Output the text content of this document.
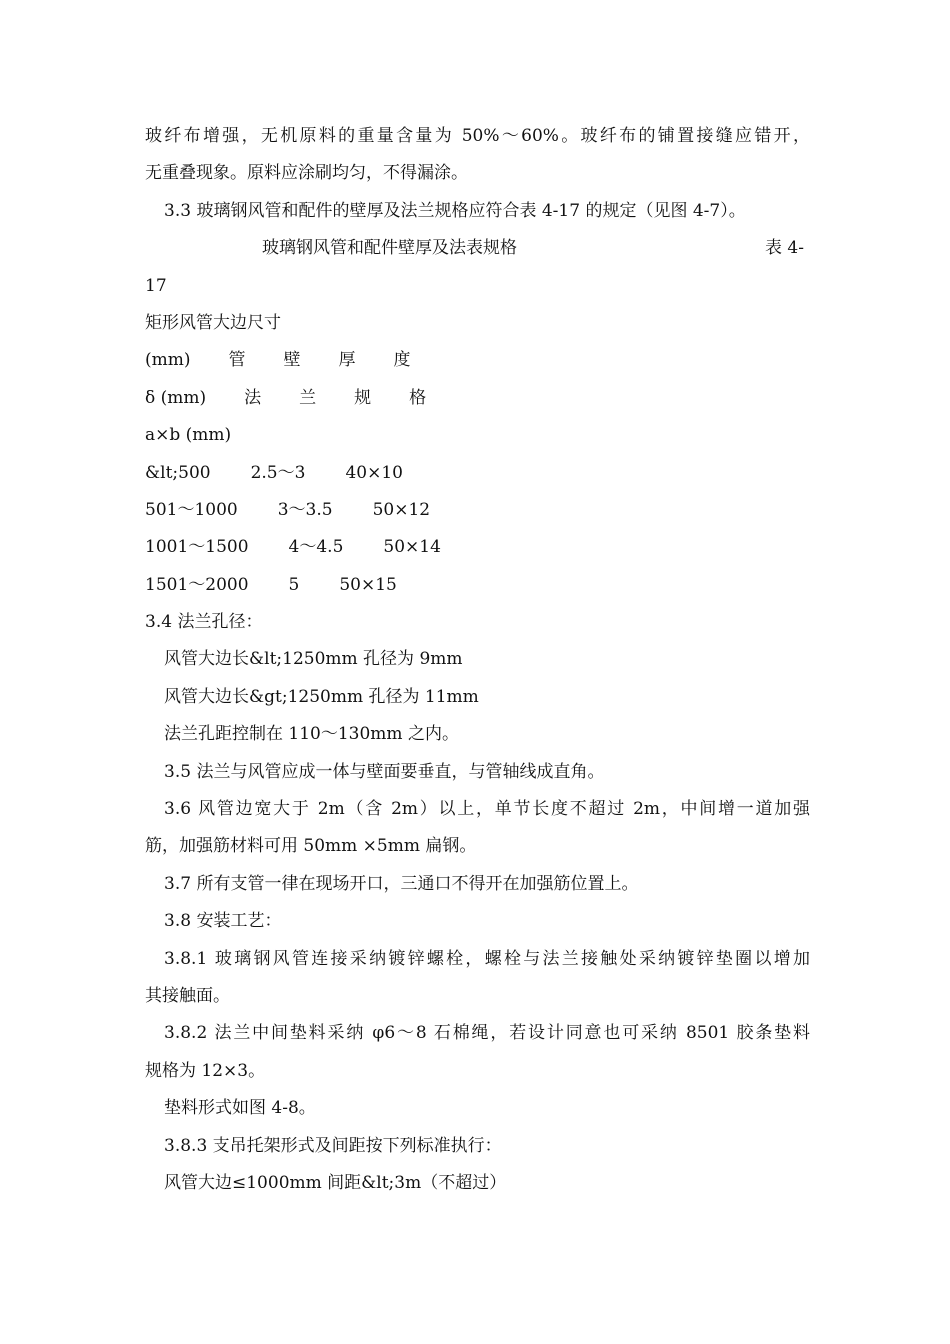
玻纤布增强，无机原料的重量含量为 50%～60%。玻纤布的铺置接缝应错开，
无重叠现象。原料应涂刷均匀，不得漏涂。
3.3 玻璃钢风管和配件的壁厚及法兰规格应符合表 4-17 的规定（见图 4-7）。
玻璃钢风管和配件壁厚及法表规格	表 4-
17
矩形风管大边尺寸
(mm) 管 壁 厚 度
δ (mm) 法 兰 规 格
a×b (mm)
&lt;500 2.5～3 40×10
501～1000 3～3.5 50×12
1001～1500 4～4.5 50×14
1501～2000 5 50×15
3.4 法兰孔径：
风管大边长&lt;1250mm 孔径为 9mm
风管大边长&gt;1250mm 孔径为 11mm
法兰孔距控制在 110～130mm 之内。
3.5 法兰与风管应成一体与壁面要垂直，与管轴线成直角。
3.6 风管边宽大于 2m（含 2m）以上，单节长度不超过 2m，中间增一道加强
筋，加强筋材料可用 50mm ×5mm 扁钢。
3.7 所有支管一律在现场开口，三通口不得开在加强筋位置上。
3.8 安装工艺：
3.8.1 玻璃钢风管连接采纳镀锌螺栓，螺栓与法兰接触处采纳镀锌垫圈以增加
其接触面。
3.8.2 法兰中间垫料采纳 φ6～8 石棉绳，若设计同意也可采纳 8501 胶条垫料
规格为 12×3。
垫料形式如图 4-8。
3.8.3 支吊托架形式及间距按下列标准执行：
风管大边≤1000mm 间距&lt;3m（不超过）
